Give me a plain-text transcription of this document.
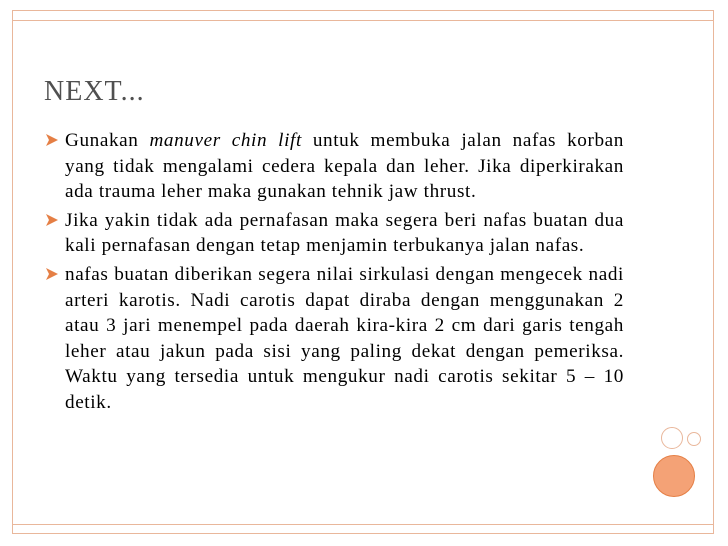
NEXT...
Gunakan manuver chin lift untuk membuka jalan nafas korban yang tidak mengalami cedera kepala dan leher. Jika diperkirakan ada trauma leher maka gunakan tehnik jaw thrust.
Jika yakin tidak ada pernafasan maka segera beri nafas buatan dua kali pernafasan dengan tetap menjamin terbukanya jalan nafas.
nafas buatan diberikan segera nilai sirkulasi dengan mengecek nadi arteri karotis. Nadi carotis dapat diraba dengan menggunakan 2 atau 3 jari menempel pada daerah kira-kira 2 cm dari garis tengah leher atau jakun pada sisi yang paling dekat dengan pemeriksa. Waktu yang tersedia untuk mengukur nadi carotis sekitar 5 – 10 detik.
